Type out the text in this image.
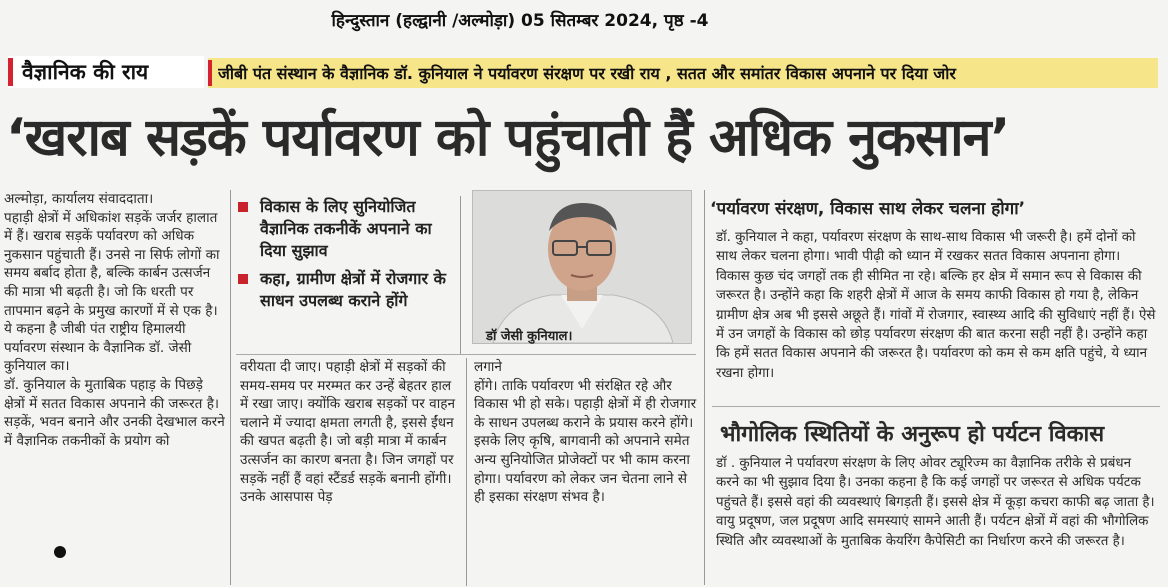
हिन्दुस्तान (हल्द्वानी /अल्मोड़ा) 05 सितम्बर 2024, पृष्ठ -4
वैज्ञानिक की राय	जीबी पंत संस्थान के वैज्ञानिक डॉ. कुनियाल ने पर्यावरण संरक्षण पर रखी राय , सतत और समांतर विकास अपनाने पर दिया जोर
‘खराब सड़कें पर्यावरण को पहुंचाती हैं अधिक नुकसान’

अल्मोड़ा, कार्यालय संवाददाता।

पहाड़ी क्षेत्रों में अधिकांश सड़कें जर्जर हालात में हैं। खराब सड़कें पर्यावरण को अधिक नुकसान पहुंचाती हैं। उनसे ना सिर्फ लोगों का समय बर्बाद होता है, बल्कि कार्बन उत्सर्जन की मात्रा भी बढ़ती है। जो कि धरती पर तापमान बढ़ने के प्रमुख कारणों में से एक है। ये कहना है जीबी पंत राष्ट्रीय हिमालयी पर्यावरण संस्थान के वैज्ञानिक डॉ. जेसी कुनियाल का।

डॉ. कुनियाल के मुताबिक पहाड़ के पिछड़े क्षेत्रों में सतत विकास अपनाने की जरूरत है। सड़कें, भवन बनाने और उनकी देखभाल करने में वैज्ञानिक तकनीकों के प्रयोग को

विकास के लिए सुनियोजित वैज्ञानिक तकनीकें अपनाने का दिया सुझाव
कहा, ग्रामीण क्षेत्रों में रोजगार के साधन उपलब्ध कराने होंगे
डॉ जेसी कुनियाल।

वरीयता दी जाए। पहाड़ी क्षेत्रों में सड़कों की समय-समय पर मरम्मत कर उन्हें बेहतर हाल में रखा जाए। क्योंकि खराब सड़कों पर वाहन चलाने में ज्यादा क्षमता लगती है, इससे ईंधन की खपत बढ़ती है। जो बड़ी मात्रा में कार्बन उत्सर्जन का कारण बनता है। जिन जगहों पर सड़कें नहीं हैं वहां स्टैंडर्ड सड़कें बनानी होंगी। उनके आसपास पेड़

लगाने

होंगे। ताकि पर्यावरण भी संरक्षित रहे और विकास भी हो सके। पहाड़ी क्षेत्रों में ही रोजगार के साधन उपलब्ध कराने के प्रयास करने होंगे। इसके लिए कृषि, बागवानी को अपनाने समेत अन्य सुनियोजित प्रोजेक्टों पर भी काम करना होगा। पर्यावरण को लेकर जन चेतना लाने से ही इसका संरक्षण संभव है।

‘पर्यावरण संरक्षण, विकास साथ लेकर चलना होगा’

डॉ. कुनियाल ने कहा, पर्यावरण संरक्षण के साथ-साथ विकास भी जरूरी है। हमें दोनों को साथ लेकर चलना होगा। भावी पीढ़ी को ध्यान में रखकर सतत विकास अपनाना होगा। विकास कुछ चंद जगहों तक ही सीमित ना रहे। बल्कि हर क्षेत्र में समान रूप से विकास की जरूरत है। उन्होंने कहा कि शहरी क्षेत्रों में आज के समय काफी विकास हो गया है, लेकिन ग्रामीण क्षेत्र अब भी इससे अछूते हैं। गांवों में रोजगार, स्वास्थ्य आदि की सुविधाएं नहीं हैं। ऐसे में उन जगहों के विकास को छोड़ पर्यावरण संरक्षण की बात करना सही नहीं है। उन्होंने कहा कि हमें सतत विकास अपनाने की जरूरत है। पर्यावरण को कम से कम क्षति पहुंचे, ये ध्यान रखना होगा।

भौगोलिक स्थितियों के अनुरूप हो पर्यटन विकास

डॉ . कुनियाल ने पर्यावरण संरक्षण के लिए ओवर ट्यूरिज्म का वैज्ञानिक तरीके से प्रबंधन करने का भी सुझाव दिया है। उनका कहना है कि कई जगहों पर जरूरत से अधिक पर्यटक पहुंचते हैं। इससे वहां की व्यवस्थाएं बिगड़ती हैं। इससे क्षेत्र में कूड़ा कचरा काफी बढ़ जाता है। वायु प्रदूषण, जल प्रदूषण आदि समस्याएं सामने आती हैं। पर्यटन क्षेत्रों में वहां की भौगोलिक स्थिति और व्यवस्थाओं के मुताबिक केयरिंग कैपेसिटी का निर्धारण करने की जरूरत है।
